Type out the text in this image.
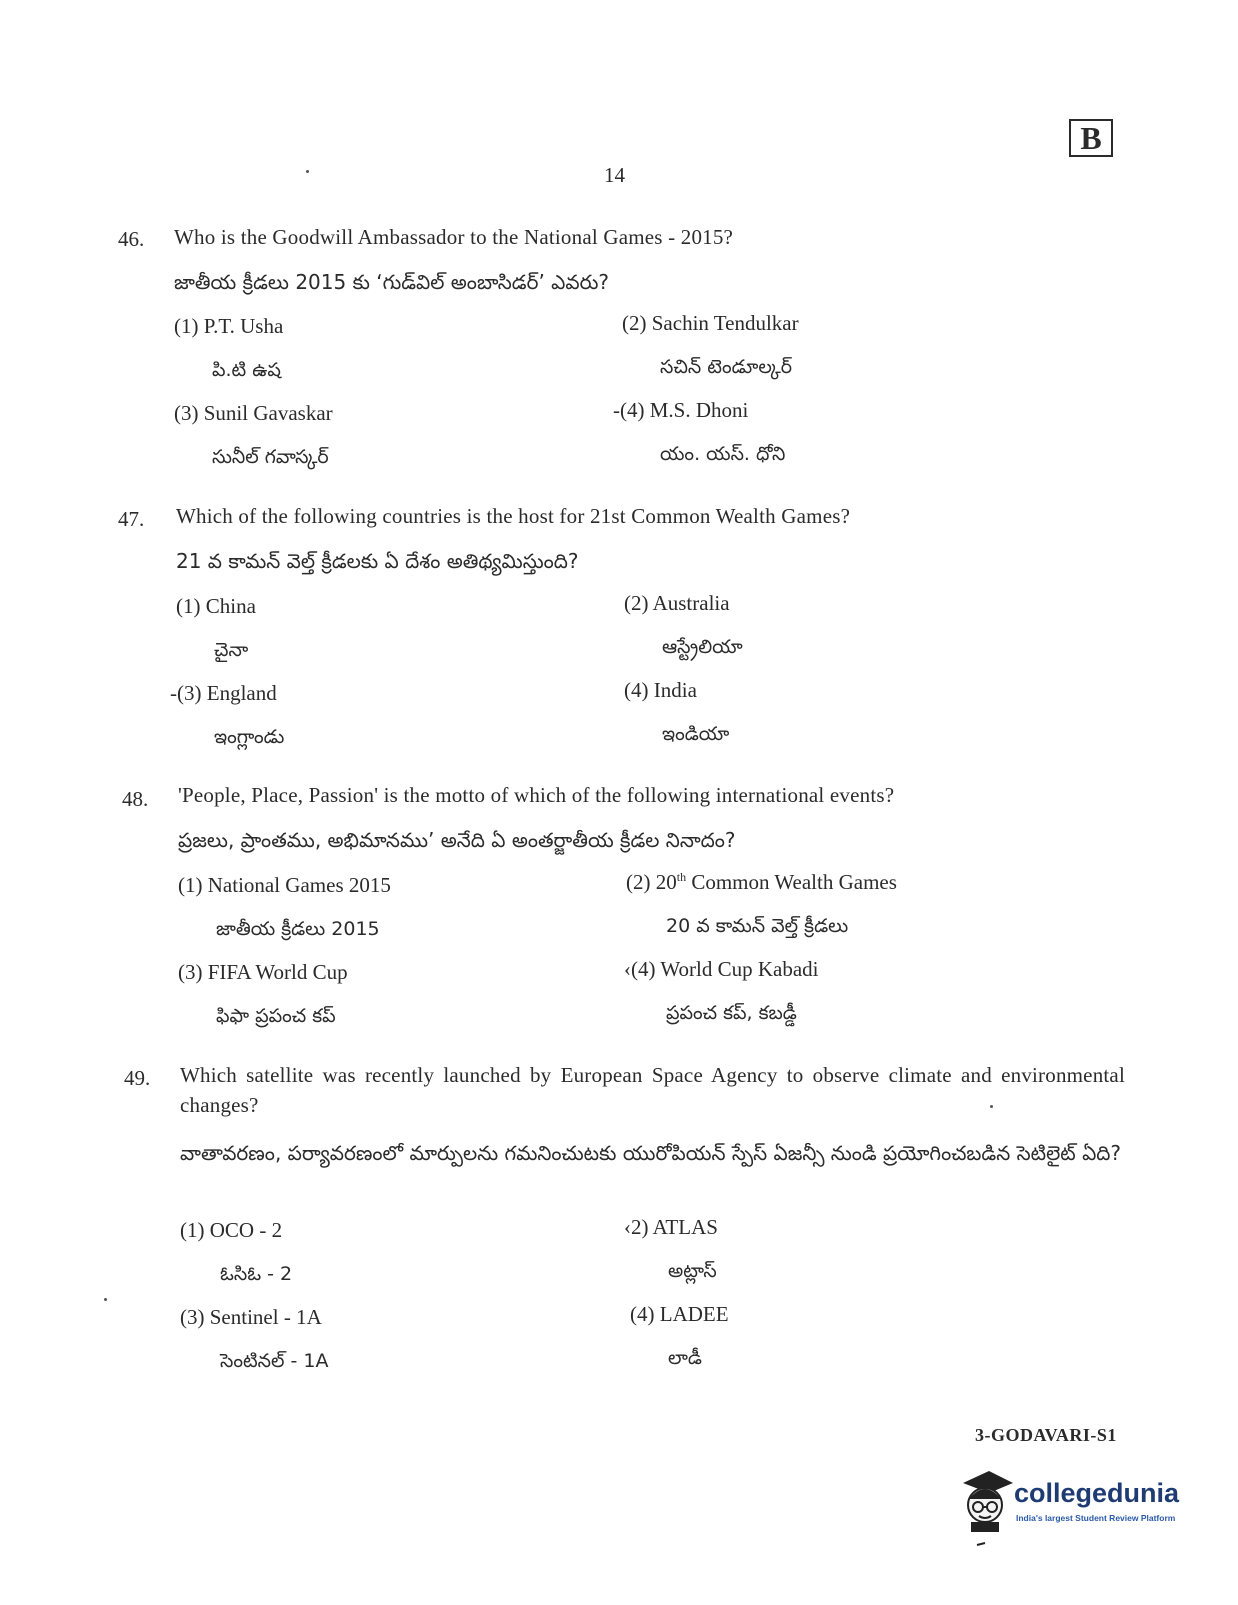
B
14
46. Who is the Goodwill Ambassador to the National Games - 2015?
జాతీయ క్రీడలు 2015 కు ‘గుడ్‌విల్ అంబాసిడర్’ ఎవరు?
(1) P.T. Usha
పి.టి ఉష
(2) Sachin Tendulkar
సచిన్ టెండూల్కర్
(3) Sunil Gavaskar
సునీల్ గవాస్కర్
-(4) M.S. Dhoni
యం. యస్. ధోని
47. Which of the following countries is the host for 21st Common Wealth Games?
21 వ కామన్ వెల్త్ క్రీడలకు ఏ దేశం అతిథ్యమిస్తుంది?
(1) China
చైనా
(2) Australia
ఆస్ట్రేలియా
-(3) England
ఇంగ్లాండు
(4) India
ఇండియా
48. 'People, Place, Passion' is the motto of which of the following international events?
ప్రజలు, ప్రాంతము, అభిమానము’ అనేది ఏ అంతర్జాతీయ క్రీడల నినాదం?
(1) National Games 2015
జాతీయ క్రీడలు 2015
(2) 20th Common Wealth Games
20 వ కామన్ వెల్త్ క్రీడలు
(3) FIFA World Cup
ఫిఫా ప్రపంచ కప్
‹(4) World Cup Kabadi
ప్రపంచ కప్, కబడ్డీ
49. Which satellite was recently launched by European Space Agency to observe climate and environmental changes?
వాతావరణం, పర్యావరణంలో మార్పులను గమనించుటకు యురోపియన్ స్పేస్ ఏజన్సీ నుండి ప్రయోగించబడిన సెటిలైట్ ఏది?
(1) OCO - 2
ఓసిఓ - 2
‹2) ATLAS
అట్లాస్
(3) Sentinel - 1A
సెంటినల్ - 1A
(4) LADEE
లాడీ
3-GODAVARI-S1
collegedunia
India's largest Student Review Platform
